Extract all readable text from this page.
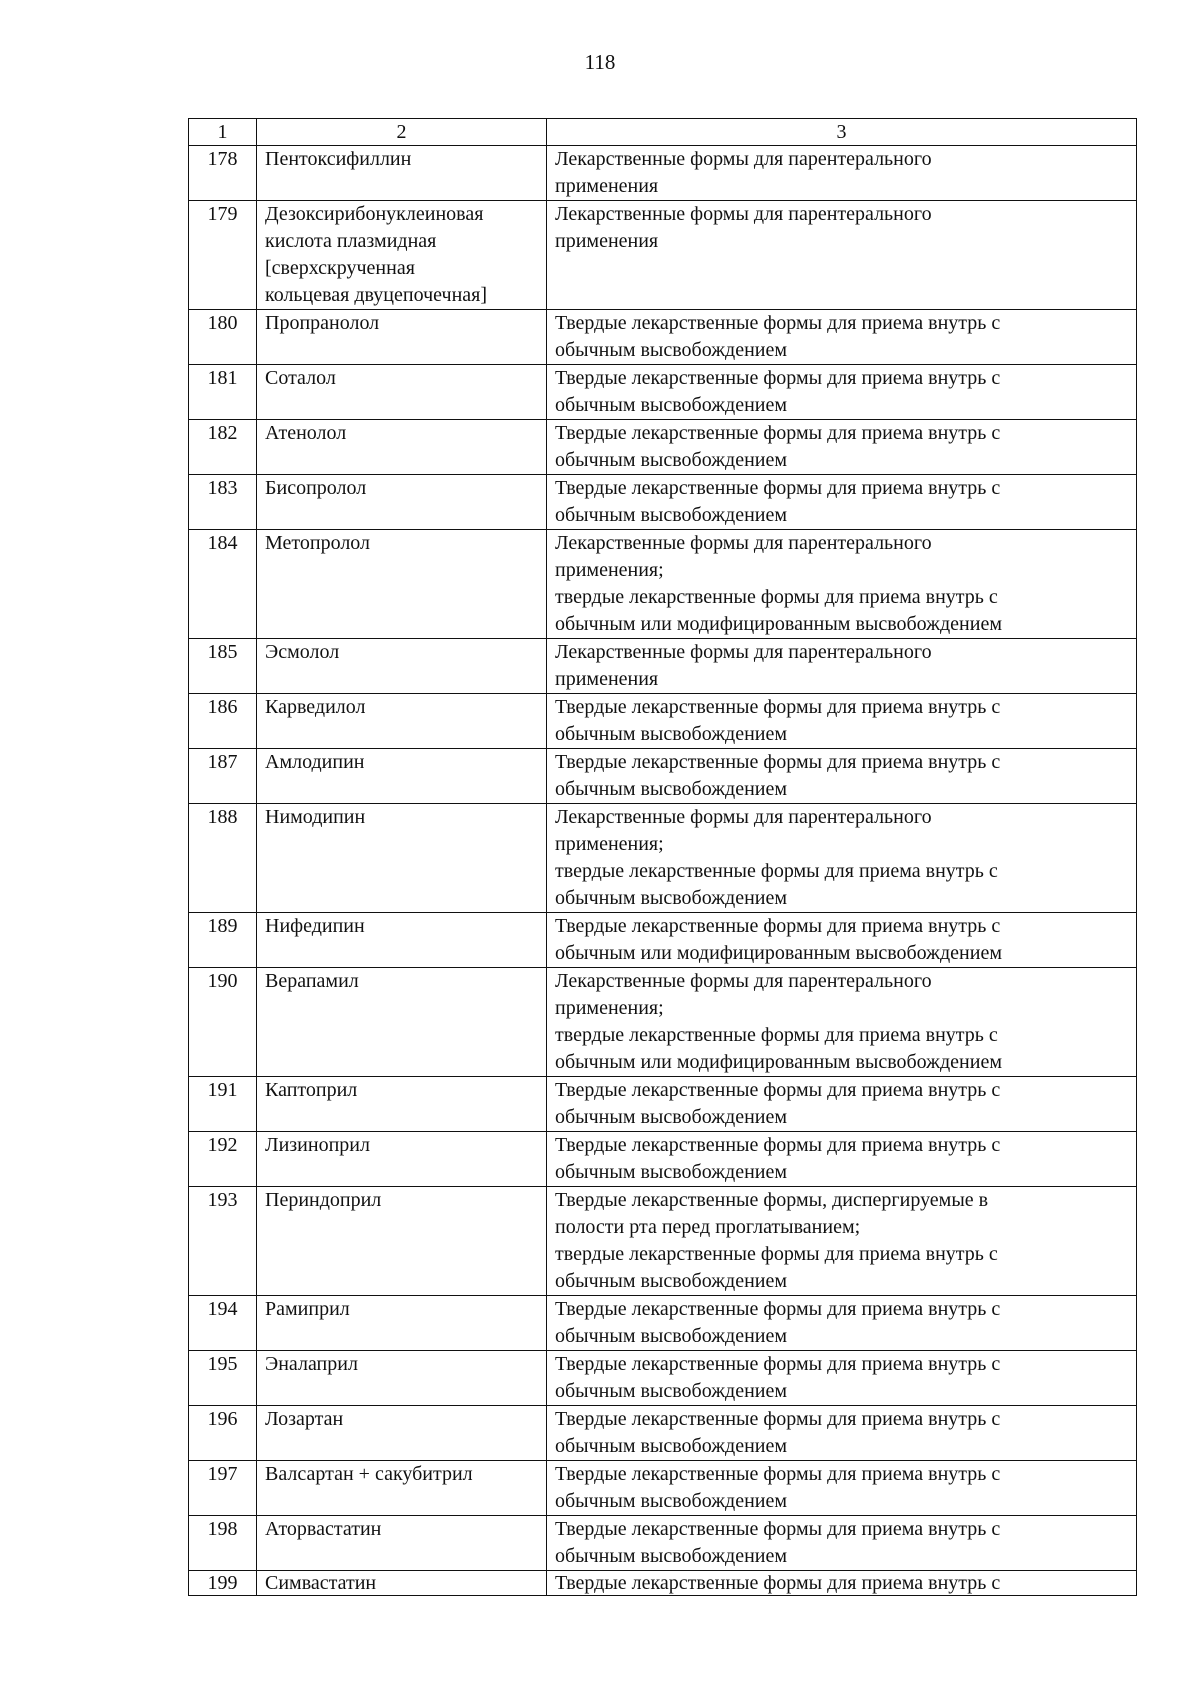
118
1	2	3
178	Пентоксифиллин	Лекарственные формы для парентерального
применения

179	Дезоксирибонуклеиновая
кислота плазмидная
[сверхскрученная
кольцевая двуцепочечная]	Лекарственные формы для парентерального
применения

180	Пропранолол	Твердые лекарственные формы для приема внутрь с
обычным высвобождением

181	Соталол	Твердые лекарственные формы для приема внутрь с
обычным высвобождением

182	Атенолол	Твердые лекарственные формы для приема внутрь с
обычным высвобождением

183	Бисопролол	Твердые лекарственные формы для приема внутрь с
обычным высвобождением

184	Метопролол	Лекарственные формы для парентерального
применения;
твердые лекарственные формы для приема внутрь с
обычным или модифицированным высвобождением

185	Эсмолол	Лекарственные формы для парентерального
применения

186	Карведилол	Твердые лекарственные формы для приема внутрь с
обычным высвобождением

187	Амлодипин	Твердые лекарственные формы для приема внутрь с
обычным высвобождением

188	Нимодипин	Лекарственные формы для парентерального
применения;
твердые лекарственные формы для приема внутрь с
обычным высвобождением

189	Нифедипин	Твердые лекарственные формы для приема внутрь с
обычным или модифицированным высвобождением

190	Верапамил	Лекарственные формы для парентерального
применения;
твердые лекарственные формы для приема внутрь с
обычным или модифицированным высвобождением

191	Каптоприл	Твердые лекарственные формы для приема внутрь с
обычным высвобождением

192	Лизиноприл	Твердые лекарственные формы для приема внутрь с
обычным высвобождением

193	Периндоприл	Твердые лекарственные формы, диспергируемые в
полости рта перед проглатыванием;
твердые лекарственные формы для приема внутрь с
обычным высвобождением

194	Рамиприл	Твердые лекарственные формы для приема внутрь с
обычным высвобождением

195	Эналаприл	Твердые лекарственные формы для приема внутрь с
обычным высвобождением

196	Лозартан	Твердые лекарственные формы для приема внутрь с
обычным высвобождением

197	Валсартан + сакубитрил	Твердые лекарственные формы для приема внутрь с
обычным высвобождением

198	Аторвастатин	Твердые лекарственные формы для приема внутрь с
обычным высвобождением

199	Симвастатин	Твердые лекарственные формы для приема внутрь с
